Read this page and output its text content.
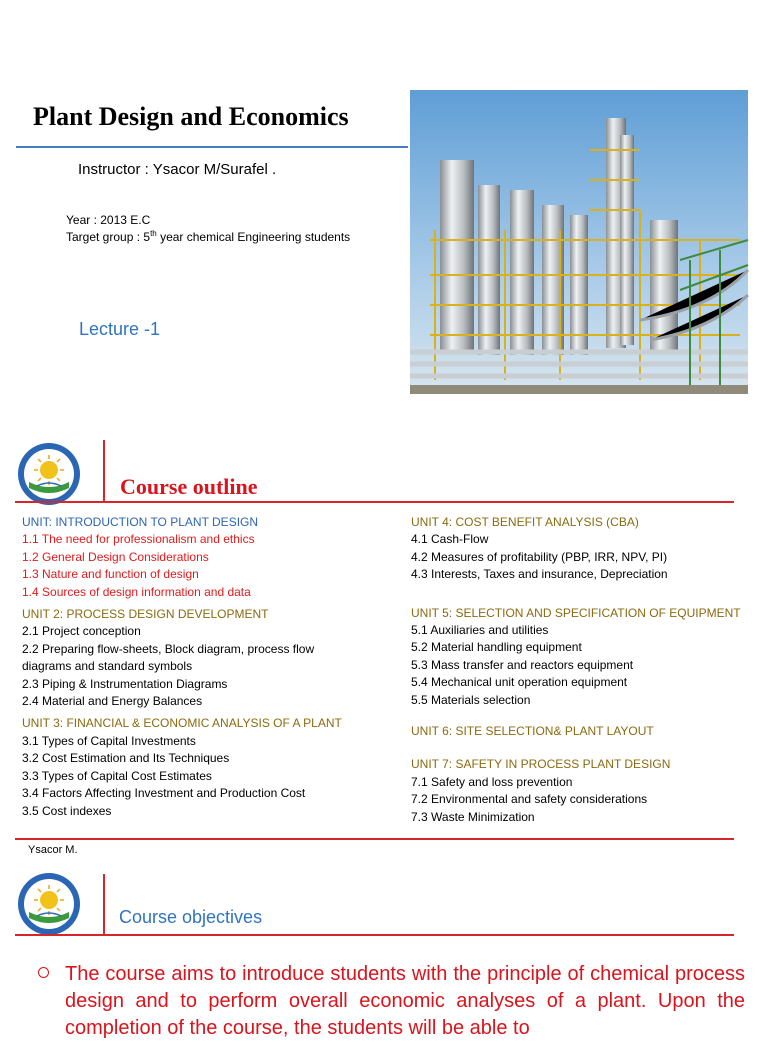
Plant Design and Economics
Instructor : Ysacor M/Surafel .
Year : 2013 E.C
Target group : 5th year chemical Engineering students
Lecture -1
Course outline
UNIT: INTRODUCTION TO PLANT DESIGN
1.1 The need for professionalism and ethics
1.2 General Design Considerations
1.3 Nature and function of design
1.4 Sources of design information and data
UNIT 2: PROCESS DESIGN DEVELOPMENT
2.1 Project conception
2.2 Preparing flow-sheets, Block diagram, process flow
diagrams and standard symbols
2.3 Piping & Instrumentation Diagrams
2.4 Material and Energy Balances
UNIT 3: FINANCIAL & ECONOMIC ANALYSIS OF A PLANT
3.1 Types of Capital Investments
3.2 Cost Estimation and Its Techniques
3.3 Types of Capital Cost Estimates
3.4 Factors Affecting Investment and Production Cost
3.5 Cost indexes
UNIT 4: COST BENEFIT ANALYSIS (CBA)
4.1 Cash-Flow
4.2 Measures of profitability (PBP, IRR, NPV, PI)
4.3 Interests, Taxes and insurance, Depreciation
UNIT 5: SELECTION AND SPECIFICATION OF EQUIPMENT
5.1 Auxiliaries and utilities
5.2 Material handling equipment
5.3 Mass transfer and reactors equipment
5.4 Mechanical unit operation equipment
5.5 Materials selection
UNIT 6: SITE SELECTION& PLANT LAYOUT
UNIT 7: SAFETY IN PROCESS PLANT DESIGN
7.1 Safety and loss prevention
7.2 Environmental and safety considerations
7.3 Waste Minimization
Ysacor M.
Course objectives
The course aims to introduce students with the principle of chemical process design and to perform overall economic analyses of a plant. Upon the completion of the course, the students will be able to
